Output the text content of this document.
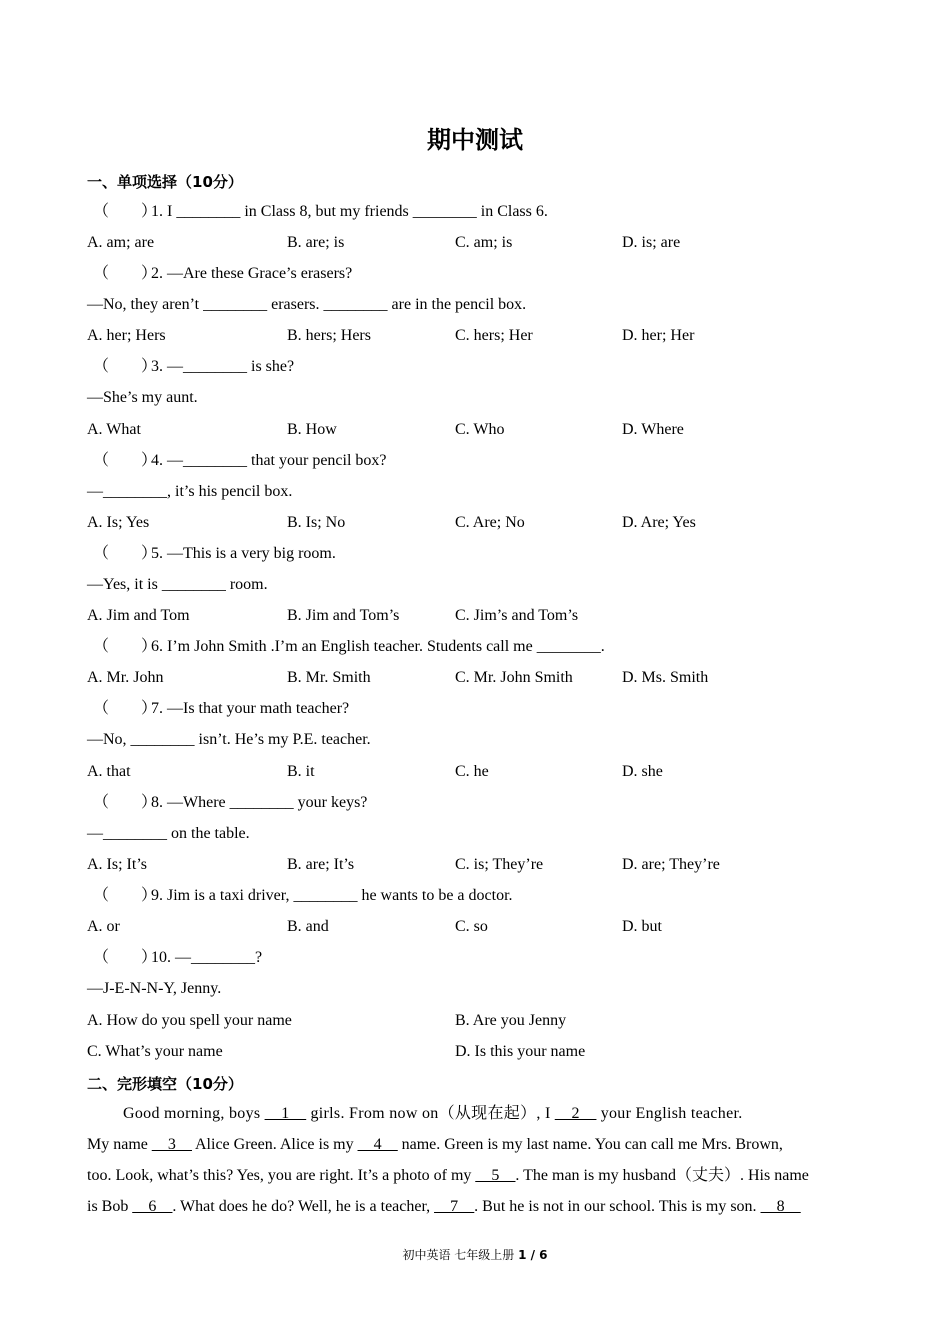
期中测试
一、单项选择（10分）
（　　）1. I ________ in Class 8, but my friends ________ in Class 6.
A. am; are	B. are; is	C. am; is	D. is; are
（　　）2. —Are these Grace’s erasers?
—No, they aren’t ________ erasers. ________ are in the pencil box.
A. her; Hers	B. hers; Hers	C. hers; Her	D. her; Her
（　　）3. —________ is she?
—She’s my aunt.
A. What	B. How	C. Who	D. Where
（　　）4. —________ that your pencil box?
—________, it’s his pencil box.
A. Is; Yes	B. Is; No	C. Are; No	D. Are; Yes
（　　）5. —This is a very big room.
—Yes, it is ________ room.
A. Jim and Tom	B. Jim and Tom’s	C. Jim’s and Tom’s
（　　）6. I’m John Smith .I’m an English teacher. Students call me ________.
A. Mr. John	B. Mr. Smith	C. Mr. John Smith	D. Ms. Smith
（　　）7. —Is that your math teacher?
—No, ________ isn’t. He’s my P.E. teacher.
A. that	B. it	C. he	D. she
（　　）8. —Where ________ your keys?
—________ on the table.
A. Is; It’s	B. are; It’s	C. is; They’re	D. are; They’re
（　　）9. Jim is a taxi driver, ________ he wants to be a doctor.
A. or	B. and	C. so	D. but
（　　）10. —________?
—J-E-N-N-Y, Jenny.
A. How do you spell your name	B. Are you Jenny
C. What’s your name	D. Is this your name
二、完形填空（10分）
Good morning, boys __1__ girls. From now on（从现在起）, I __2__ your English teacher.
My name __3__ Alice Green. Alice is my __4__ name. Green is my last name. You can call me Mrs. Brown,
too. Look, what’s this? Yes, you are right. It’s a photo of my __5__. The man is my husband（丈夫）. His name
is Bob __6__. What does he do? Well, he is a teacher, __7__. But he is not in our school. This is my son. __8__
初中英语 七年级上册 1 / 6
